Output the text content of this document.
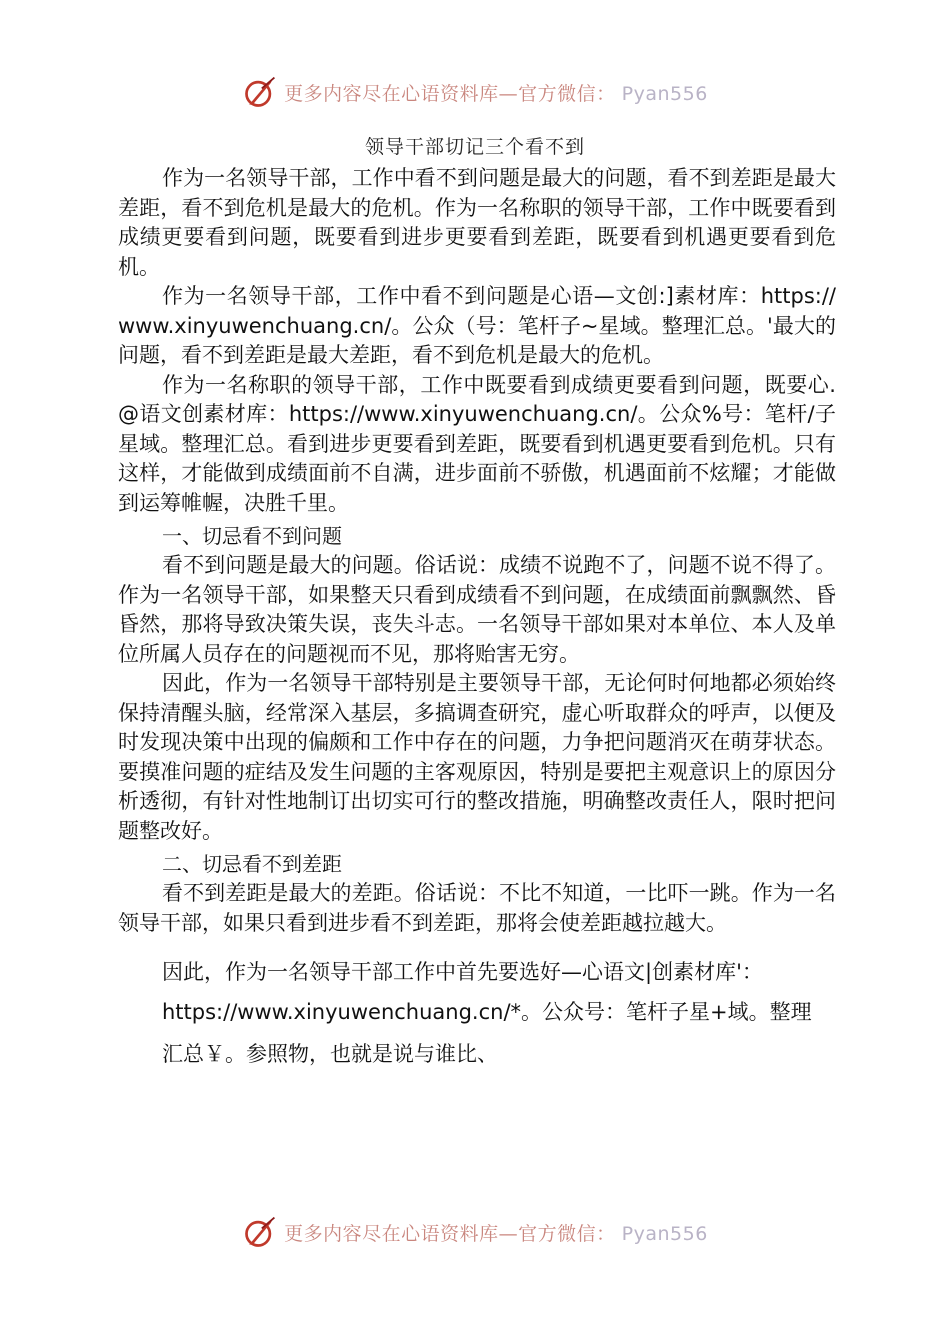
更多内容尽在心语资料库—官方微信： Pyan556
领导干部切记三个看不到

作为一名领导干部，工作中看不到问题是最大的问题，看不到差距是最大差距，看不到危机是最大的危机。作为一名称职的领导干部，工作中既要看到成绩更要看到问题，既要看到进步更要看到差距，既要看到机遇更要看到危机。

作为一名领导干部，工作中看不到问题是心语—文创:]素材库：https://www.xinyuwenchuang.cn/。公众（号：笔杆子~星域。整理汇总。'最大的问题，看不到差距是最大差距，看不到危机是最大的危机。

作为一名称职的领导干部，工作中既要看到成绩更要看到问题，既要心.@语文创素材库：https://www.xinyuwenchuang.cn/。公众%号：笔杆/子星域。整理汇总。看到进步更要看到差距，既要看到机遇更要看到危机。只有这样，才能做到成绩面前不自满，进步面前不骄傲，机遇面前不炫耀；才能做到运筹帷幄，决胜千里。

一、切忌看不到问题

看不到问题是最大的问题。俗话说：成绩不说跑不了，问题不说不得了。作为一名领导干部，如果整天只看到成绩看不到问题，在成绩面前飘飘然、昏昏然，那将导致决策失误，丧失斗志。一名领导干部如果对本单位、本人及单位所属人员存在的问题视而不见，那将贻害无穷。

因此，作为一名领导干部特别是主要领导干部，无论何时何地都必须始终保持清醒头脑，经常深入基层，多搞调查研究，虚心听取群众的呼声，以便及时发现决策中出现的偏颇和工作中存在的问题，力争把问题消灭在萌芽状态。要摸准问题的症结及发生问题的主客观原因，特别是要把主观意识上的原因分析透彻，有针对性地制订出切实可行的整改措施，明确整改责任人，限时把问题整改好。

二、切忌看不到差距

看不到差距是最大的差距。俗话说：不比不知道，一比吓一跳。作为一名领导干部，如果只看到进步看不到差距，那将会使差距越拉越大。

因此，作为一名领导干部工作中首先要选好—心语文|创素材库'：

https://www.xinyuwenchuang.cn/*。公众号：笔杆子星+域。整理

汇总￥。参照物，也就是说与谁比、

更多内容尽在心语资料库—官方微信： Pyan556
